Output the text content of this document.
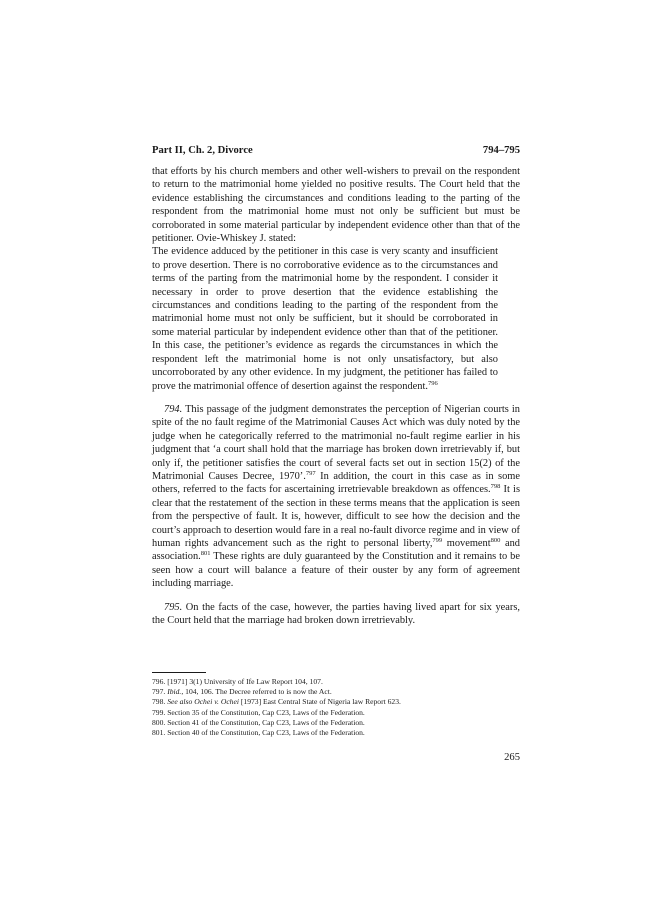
Part II, Ch. 2, Divorce	794–795

that efforts by his church members and other well-wishers to prevail on the respondent to return to the matrimonial home yielded no positive results. The Court held that the evidence establishing the circumstances and conditions leading to the parting of the respondent from the matrimonial home must not only be sufficient but must be corroborated in some material particular by independent evidence other than that of the petitioner. Ovie-Whiskey J. stated:

The evidence adduced by the petitioner in this case is very scanty and insufficient to prove desertion. There is no corroborative evidence as to the circumstances and terms of the parting from the matrimonial home by the respondent. I consider it necessary in order to prove desertion that the evidence establishing the circumstances and conditions leading to the parting of the respondent from the matrimonial home must not only be sufficient, but it should be corroborated in some material particular by independent evidence other than that of the petitioner. In this case, the petitioner’s evidence as regards the circumstances in which the respondent left the matrimonial home is not only unsatisfactory, but also uncorroborated by any other evidence. In my judgment, the petitioner has failed to prove the matrimonial offence of desertion against the respondent.$^{796}$

794. This passage of the judgment demonstrates the perception of Nigerian courts in spite of the no fault regime of the Matrimonial Causes Act which was duly noted by the judge when he categorically referred to the matrimonial no-fault regime earlier in his judgment that ‘a court shall hold that the marriage has broken down irretrievably if, but only if, the petitioner satisfies the court of several facts set out in section 15(2) of the Matrimonial Causes Decree, 1970’.$^{797}$ In addition, the court in this case as in some others, referred to the facts for ascertaining irretrievable breakdown as offences.$^{798}$ It is clear that the restatement of the section in these terms means that the application is seen from the perspective of fault. It is, however, difficult to see how the decision and the court’s approach to desertion would fare in a real no-fault divorce regime and in view of human rights advancement such as the right to personal liberty,$^{799}$ movement$^{800}$ and association.$^{801}$ These rights are duly guaranteed by the Constitution and it remains to be seen how a court will balance a feature of their ouster by any form of agreement including marriage.

795. On the facts of the case, however, the parties having lived apart for six years, the Court held that the marriage had broken down irretrievably.

796. [1971] 3(1) University of Ife Law Report 104, 107.
797. Ibid., 104, 106. The Decree referred to is now the Act.
798. See also Ochei v. Ochei [1973] East Central State of Nigeria law Report 623.
799. Section 35 of the Constitution, Cap C23, Laws of the Federation.
800. Section 41 of the Constitution, Cap C23, Laws of the Federation.
801. Section 40 of the Constitution, Cap C23, Laws of the Federation.
265
